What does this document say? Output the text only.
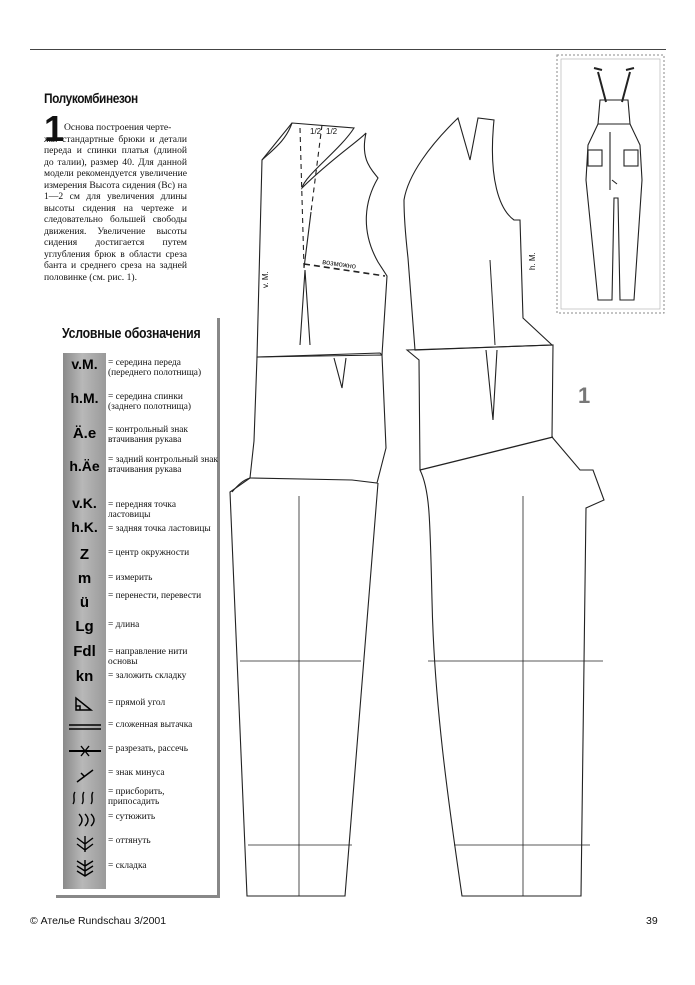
Полукомбинезон
1 Основа построения черте-
жа: стандартные брюки и детали переда и спинки платья (длиной до талии), размер 40. Для данной модели рекомендуется увеличение измерения Высота сидения (Вс) на 1—2 см для увеличения длины высоты сидения на чертеже и следовательно большей свободы движения. Увеличение высоты сидения достигается путем углубления брюк в области среза банта и среднего среза на задней половинке (см. рис. 1).
Условные обозначения
v.M.	= середина переда (переднего полотнища)
h.M.	= середина спинки (заднего полотнища)
Ä.e	= контрольный знак втачивания рукава
h.Äe = задний контрольный знак втачивания рукава
v.K.	= передняя точка ластовицы
h.K.	= задняя точка ластовицы
Z	= центр окружности
m	= измерить
ü	= перенести, перевести
Lg	= длина
Fdl	= направление нити основы
kn	= заложить складку
= прямой угол
= сложенная вытачка
= разрезать, рассечь
= знак минуса
= присборить, припосадить
= сутюжить
= оттянуть
= складка
1/2 1/2
возможно
v. M.
h. M.
1
© Ателье Rundschau 3/2001	39
